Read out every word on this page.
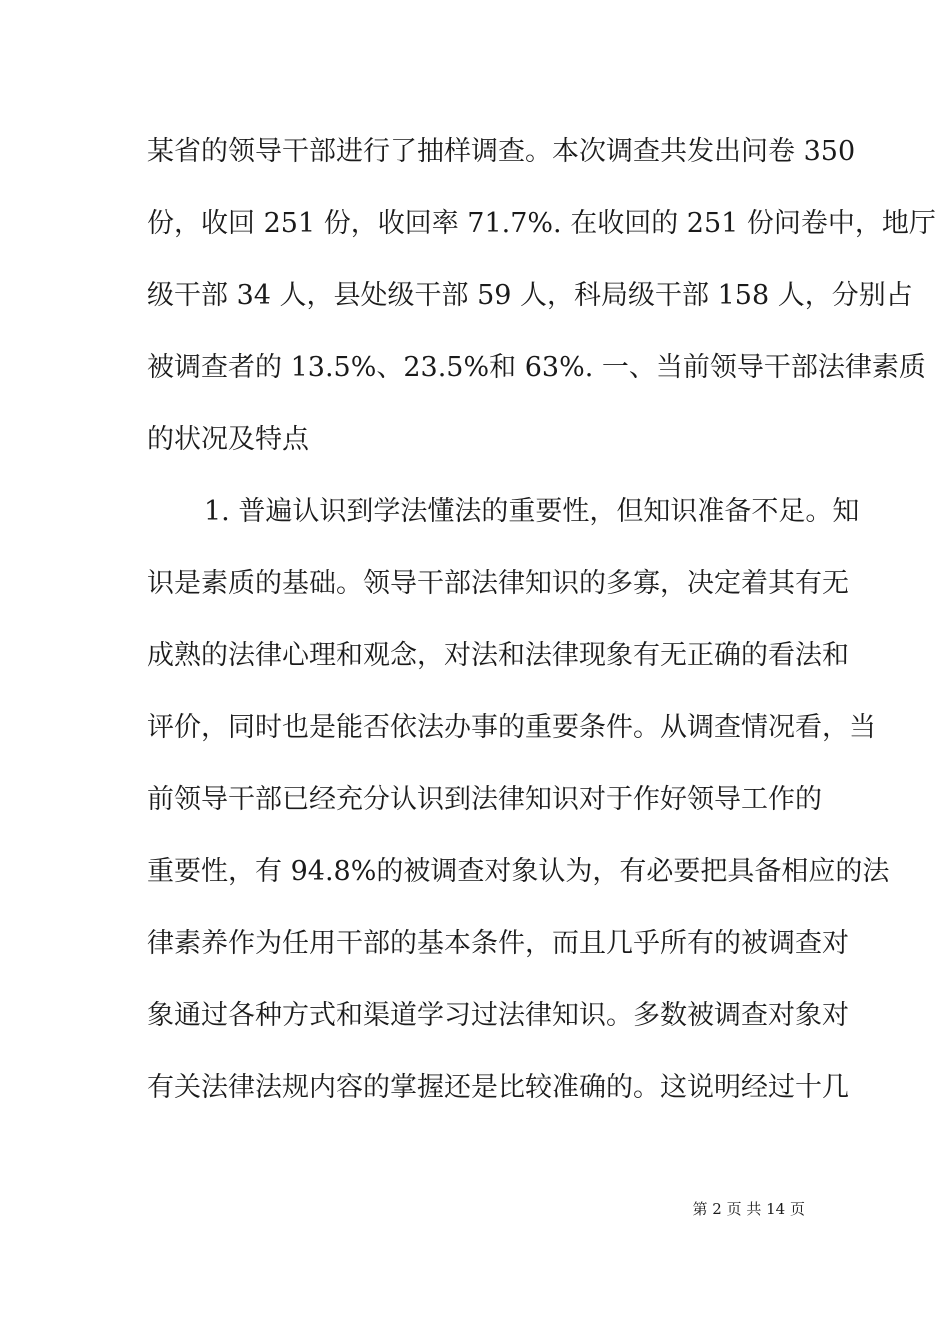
某省的领导干部进行了抽样调查。本次调查共发出问卷 350
份，收回 251 份，收回率 71.7%. 在收回的 251 份问卷中，地厅
级干部 34 人，县处级干部 59 人，科局级干部 158 人，分别占
被调查者的 13.5%、23.5%和 63%. 一、当前领导干部法律素质
的状况及特点
1. 普遍认识到学法懂法的重要性，但知识准备不足。知
识是素质的基础。领导干部法律知识的多寡，决定着其有无
成熟的法律心理和观念，对法和法律现象有无正确的看法和
评价，同时也是能否依法办事的重要条件。从调查情况看，当
前领导干部已经充分认识到法律知识对于作好领导工作的
重要性，有 94.8%的被调查对象认为，有必要把具备相应的法
律素养作为任用干部的基本条件，而且几乎所有的被调查对
象通过各种方式和渠道学习过法律知识。多数被调查对象对
有关法律法规内容的掌握还是比较准确的。这说明经过十几
第 2 页 共 14 页
